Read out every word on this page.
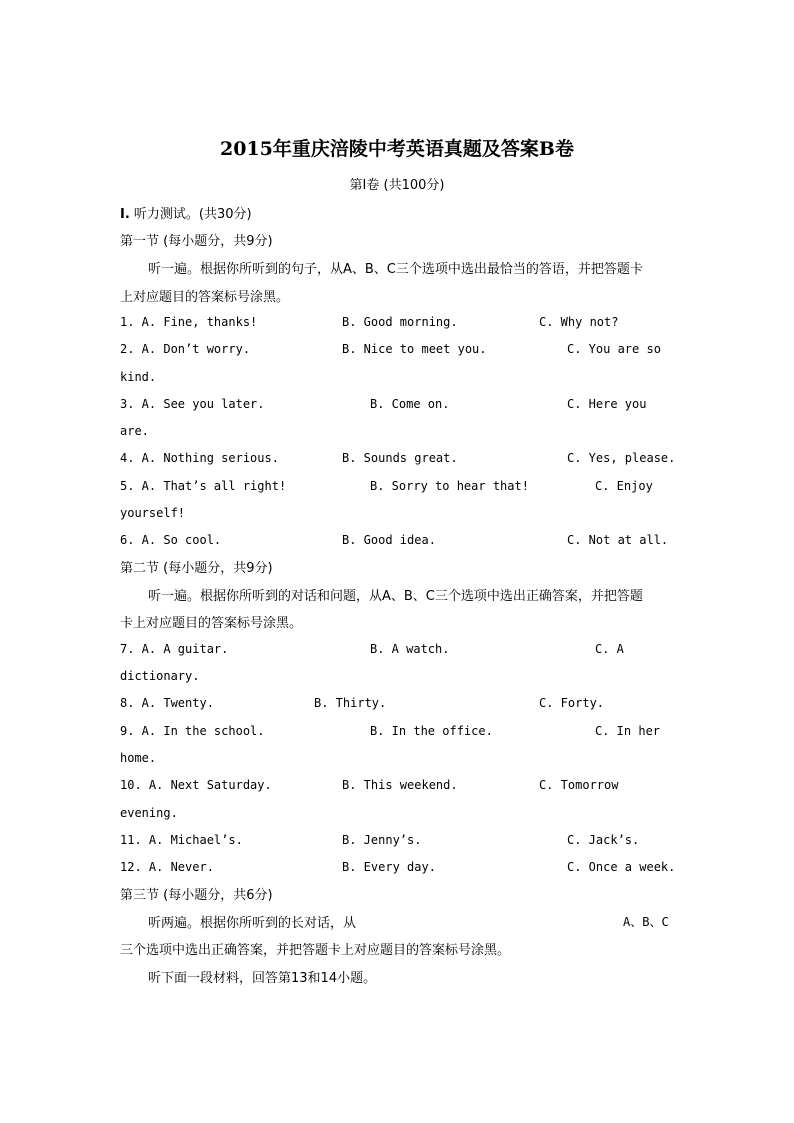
2015年重庆涪陵中考英语真题及答案B卷
第Ⅰ卷 (共100分)
I. 听力测试。(共30分)
第一节 (每小题分，共9分)
听一遍。根据你所听到的句子，从A、B、C三个选项中选出最恰当的答语，并把答题卡
上对应题目的答案标号涂黑。
1. A. Fine, thanks!	B. Good morning.	C. Why not?
2. A. Don’t worry.	B. Nice to meet you.	C. You are so
kind.
3. A. See you later.	B. Come on.	C. Here you
are.
4. A. Nothing serious.	B. Sounds great.	C. Yes, please.
5. A. That’s all right!	B. Sorry to hear that!	C. Enjoy
yourself!
6. A. So cool.	B. Good idea.	C. Not at all.
第二节 (每小题分，共9分)
听一遍。根据你所听到的对话和问题，从A、B、C三个选项中选出正确答案，并把答题
卡上对应题目的答案标号涂黑。
7. A. A guitar.	B. A watch.	C. A
dictionary.
8. A. Twenty.	B. Thirty.	C. Forty.
9. A. In the school.	B. In the office.	C. In her
home.
10. A. Next Saturday.	B. This weekend.	C. Tomorrow
evening.
11. A. Michael’s.	B. Jenny’s.	C. Jack’s.
12. A. Never.	B. Every day.	C. Once a week.
第三节 (每小题分，共6分)
听两遍。根据你所听到的长对话，从	A、B、C
三个选项中选出正确答案，并把答题卡上对应题目的答案标号涂黑。
听下面一段材料，回答第13和14小题。
